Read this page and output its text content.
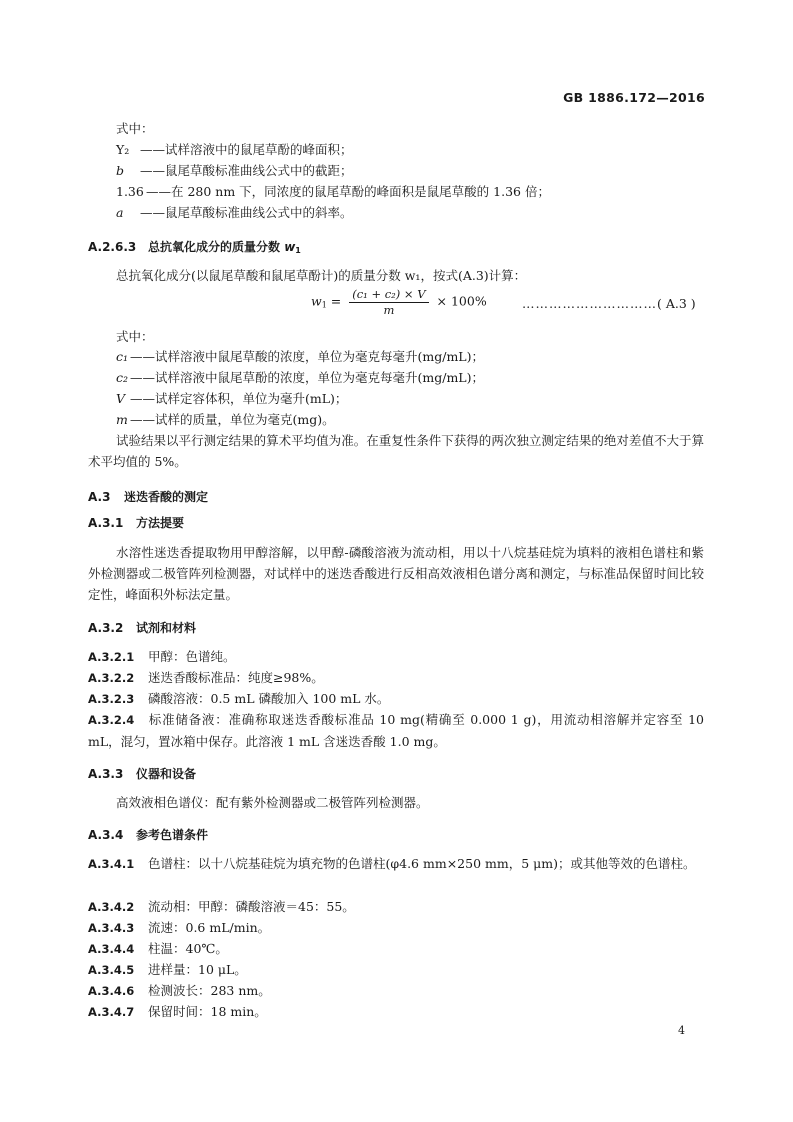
GB 1886.172—2016
式中：
Y₂ ——试样溶液中的鼠尾草酚的峰面积；
b ——鼠尾草酸标准曲线公式中的截距；
1.36 ——在 280 nm 下，同浓度的鼠尾草酚的峰面积是鼠尾草酸的 1.36 倍；
a ——鼠尾草酸标准曲线公式中的斜率。
A.2.6.3 总抗氧化成分的质量分数 $w_1$
总抗氧化成分(以鼠尾草酸和鼠尾草酚计)的质量分数 w₁，按式(A.3)计算：
$w_1 = \frac{\text{(c₁ + c₂) × V}}{m} \times 100\%$	…………………………( A.3 )
式中：
c₁ ——试样溶液中鼠尾草酸的浓度，单位为毫克每毫升(mg/mL)；
c₂ ——试样溶液中鼠尾草酚的浓度，单位为毫克每毫升(mg/mL)；
V ——试样定容体积，单位为毫升(mL)；
m ——试样的质量，单位为毫克(mg)。
试验结果以平行测定结果的算术平均值为准。在重复性条件下获得的两次独立测定结果的绝对差值不大于算术平均值的 5%。
A.3 迷迭香酸的测定
A.3.1 方法提要
水溶性迷迭香提取物用甲醇溶解，以甲醇-磷酸溶液为流动相，用以十八烷基硅烷为填料的液相色谱柱和紫外检测器或二极管阵列检测器，对试样中的迷迭香酸进行反相高效液相色谱分离和测定，与标准品保留时间比较定性，峰面积外标法定量。
A.3.2 试剂和材料
A.3.2.1 甲醇：色谱纯。
A.3.2.2 迷迭香酸标准品：纯度≥98%。
A.3.2.3 磷酸溶液：0.5 mL 磷酸加入 100 mL 水。
A.3.2.4 标准储备液：准确称取迷迭香酸标准品 10 mg(精确至 0.000 1 g)，用流动相溶解并定容至 10 mL，混匀，置冰箱中保存。此溶液 1 mL 含迷迭香酸 1.0 mg。
A.3.3 仪器和设备
高效液相色谱仪：配有紫外检测器或二极管阵列检测器。
A.3.4 参考色谱条件
A.3.4.1 色谱柱：以十八烷基硅烷为填充物的色谱柱(φ4.6 mm×250 mm，5 μm)；或其他等效的色谱柱。
A.3.4.2 流动相：甲醇：磷酸溶液＝45：55。
A.3.4.3 流速：0.6 mL/min。
A.3.4.4 柱温：40℃。
A.3.4.5 进样量：10 μL。
A.3.4.6 检测波长：283 nm。
A.3.4.7 保留时间：18 min。
4
